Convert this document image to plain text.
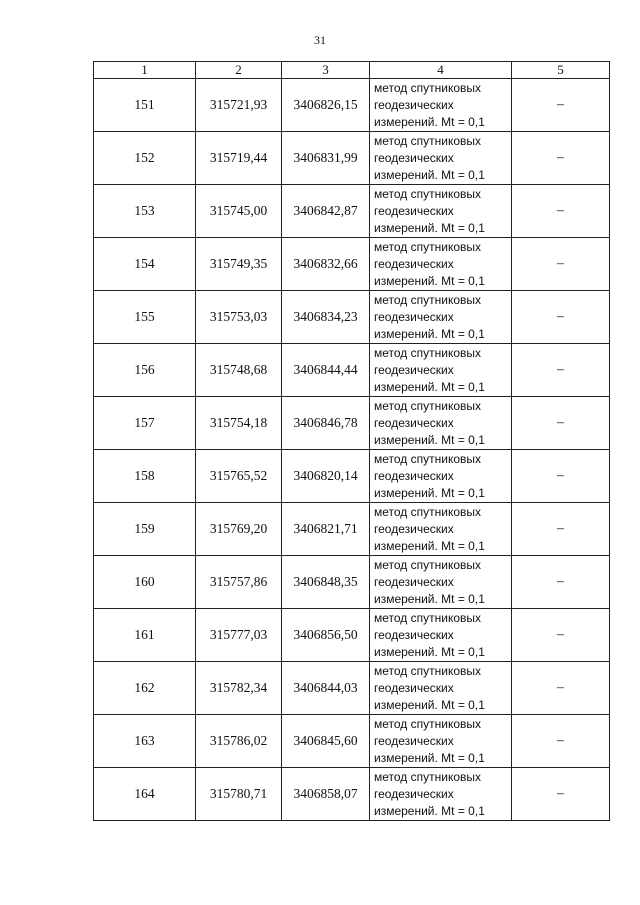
31
1	2	3	4	5
151	315721,93	3406826,15	метод спутниковых геодезических измерений. Mt = 0,1	–
152	315719,44	3406831,99	метод спутниковых геодезических измерений. Mt = 0,1	–
153	315745,00	3406842,87	метод спутниковых геодезических измерений. Mt = 0,1	–
154	315749,35	3406832,66	метод спутниковых геодезических измерений. Mt = 0,1	–
155	315753,03	3406834,23	метод спутниковых геодезических измерений. Mt = 0,1	–
156	315748,68	3406844,44	метод спутниковых геодезических измерений. Mt = 0,1	–
157	315754,18	3406846,78	метод спутниковых геодезических измерений. Mt = 0,1	–
158	315765,52	3406820,14	метод спутниковых геодезических измерений. Mt = 0,1	–
159	315769,20	3406821,71	метод спутниковых геодезических измерений. Mt = 0,1	–
160	315757,86	3406848,35	метод спутниковых геодезических измерений. Mt = 0,1	–
161	315777,03	3406856,50	метод спутниковых геодезических измерений. Mt = 0,1	–
162	315782,34	3406844,03	метод спутниковых геодезических измерений. Mt = 0,1	–
163	315786,02	3406845,60	метод спутниковых геодезических измерений. Mt = 0,1	–
164	315780,71	3406858,07	метод спутниковых геодезических измерений. Mt = 0,1	–
